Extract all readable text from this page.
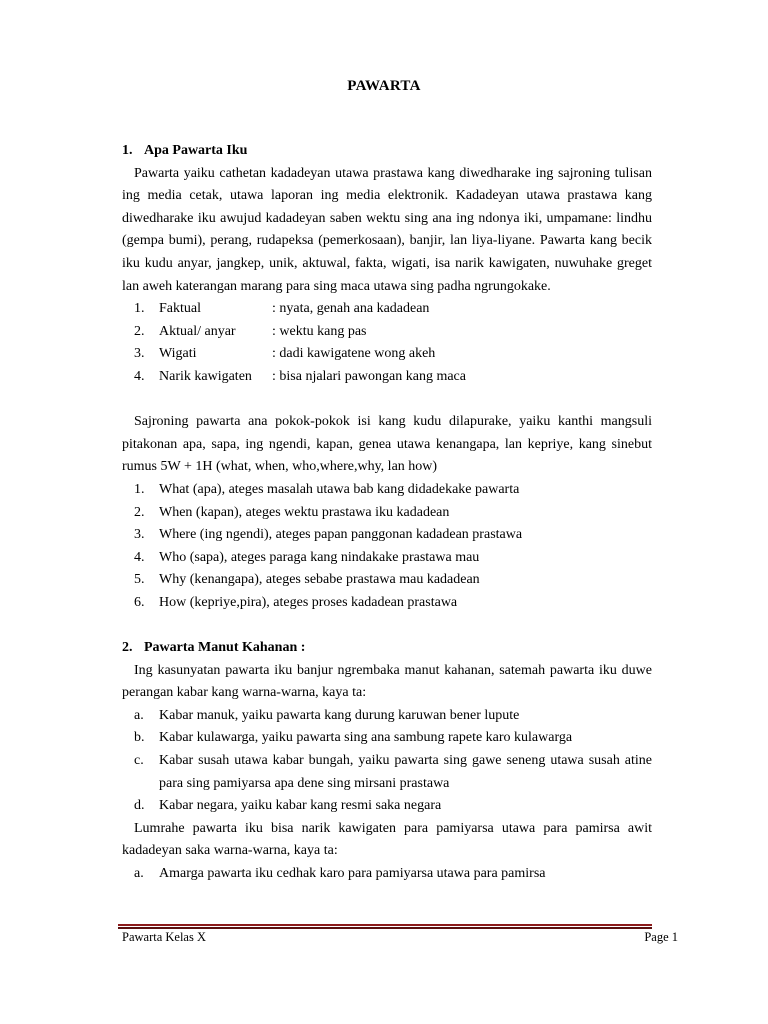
PAWARTA

1. Apa Pawarta Iku

Pawarta yaiku cathetan kadadeyan utawa prastawa kang diwedharake ing sajroning tulisan ing media cetak, utawa laporan ing media elektronik. Kadadeyan utawa prastawa kang diwedharake iku awujud kadadeyan saben wektu sing ana ing ndonya iki, umpamane: lindhu (gempa bumi), perang, rudapeksa (pemerkosaan), banjir, lan liya-liyane. Pawarta kang becik iku kudu anyar, jangkep, unik, aktuwal, fakta, wigati, isa narik kawigaten, nuwuhake greget lan aweh katerangan marang para sing maca utawa sing padha ngrungokake.

1. Faktual	: nyata, genah ana kadadean
2. Aktual/ anyar	: wektu kang pas
3. Wigati	: dadi kawigatene wong akeh
4. Narik kawigaten : bisa njalari pawongan kang maca

Sajroning pawarta ana pokok-pokok isi kang kudu dilapurake, yaiku kanthi mangsuli pitakonan apa, sapa, ing ngendi, kapan, genea utawa kenangapa, lan kepriye, kang sinebut rumus 5W + 1H (what, when, who,where,why, lan how)

1. What (apa), ateges masalah utawa bab kang didadekake pawarta
2. When (kapan), ateges wektu prastawa iku kadadean
3. Where (ing ngendi), ateges papan panggonan kadadean prastawa
4. Who (sapa), ateges paraga kang nindakake prastawa mau
5. Why (kenangapa), ateges sebabe prastawa mau kadadean
6. How (kepriye,pira), ateges proses kadadean prastawa

2. Pawarta Manut Kahanan :

Ing kasunyatan pawarta iku banjur ngrembaka manut kahanan, satemah pawarta iku duwe perangan kabar kang warna-warna, kaya ta:

a. Kabar manuk, yaiku pawarta kang durung karuwan bener lupute
b. Kabar kulawarga, yaiku pawarta sing ana sambung rapete karo kulawarga
c. Kabar susah utawa kabar bungah, yaiku pawarta sing gawe seneng utawa susah atine para sing pamiyarsa apa dene sing mirsani prastawa
d. Kabar negara, yaiku kabar kang resmi saka negara

Lumrahe pawarta iku bisa narik kawigaten para pamiyarsa utawa para pamirsa awit kadadeyan saka warna-warna, kaya ta:

a. Amarga pawarta iku cedhak karo para pamiyarsa utawa para pamirsa
Pawarta Kelas X	Page 1
